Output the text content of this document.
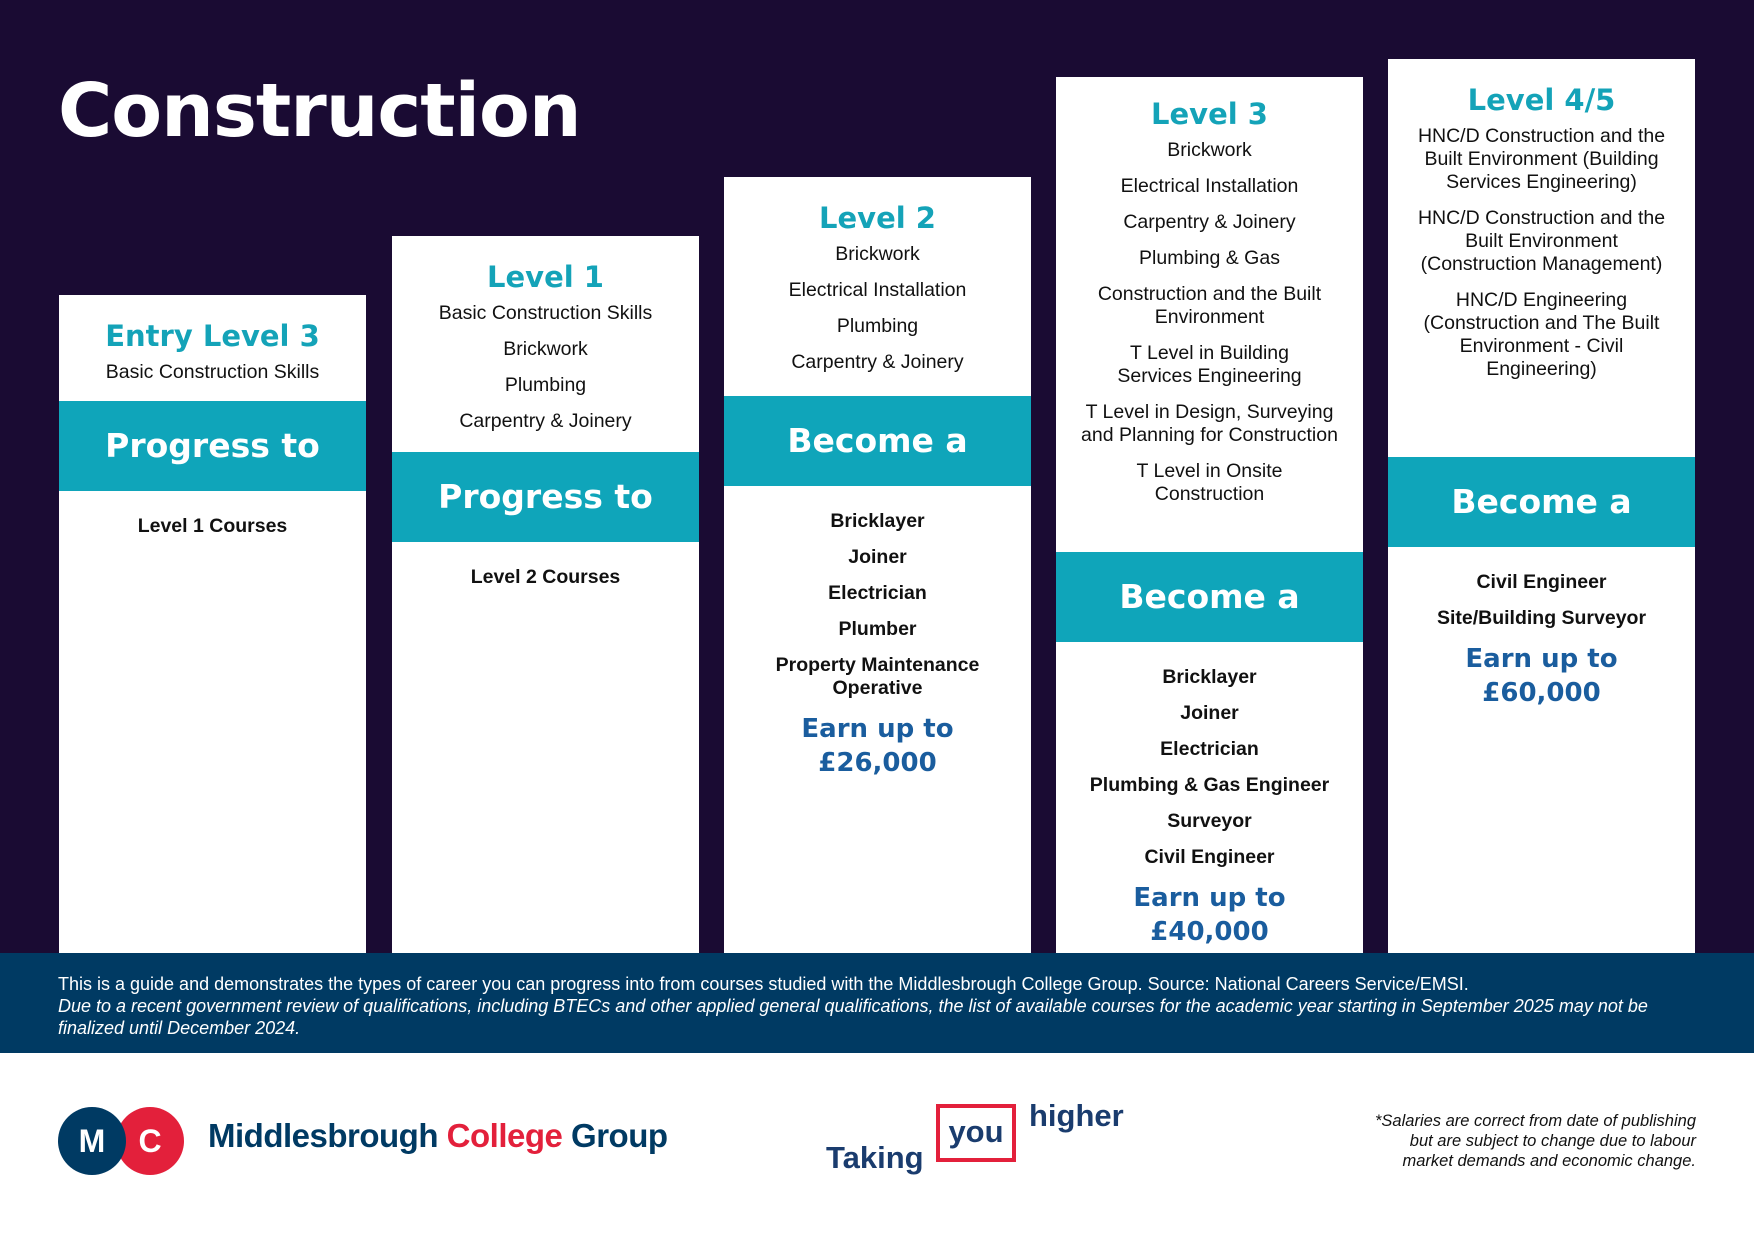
Construction
Entry Level 3
Basic Construction Skills
Progress to
Level 1 Courses
Level 1
Basic Construction Skills
Brickwork
Plumbing
Carpentry & Joinery
Progress to
Level 2 Courses
Level 2
Brickwork
Electrical Installation
Plumbing
Carpentry & Joinery
Become a
Bricklayer
Joiner
Electrician
Plumber
Property Maintenance Operative
Earn up to
£26,000
Level 3
Brickwork
Electrical Installation
Carpentry & Joinery
Plumbing & Gas
Construction and the Built Environment
T Level in Building Services Engineering
T Level in Design, Surveying and Planning for Construction
T Level in Onsite Construction
Become a
Bricklayer
Joiner
Electrician
Plumbing & Gas Engineer
Surveyor
Civil Engineer
Earn up to
£40,000
Level 4/5
HNC/D Construction and the Built Environment (Building Services Engineering)
HNC/D Construction and the Built Environment (Construction Management)
HNC/D Engineering (Construction and The Built Environment - Civil Engineering)
Become a
Civil Engineer
Site/Building Surveyor
Earn up to
£60,000

This is a guide and demonstrates the types of career you can progress into from courses studied with the Middlesbrough College Group. Source: National Careers Service/EMSI.

Due to a recent government review of qualifications, including BTECs and other applied general qualifications, the list of available courses for the academic year starting in September 2025 may not be finalized until December 2024.

M	C	Middlesbrough College Group
Taking
you higher	*Salaries are correct from date of publishing
but are subject to change due to labour
market demands and economic change.
